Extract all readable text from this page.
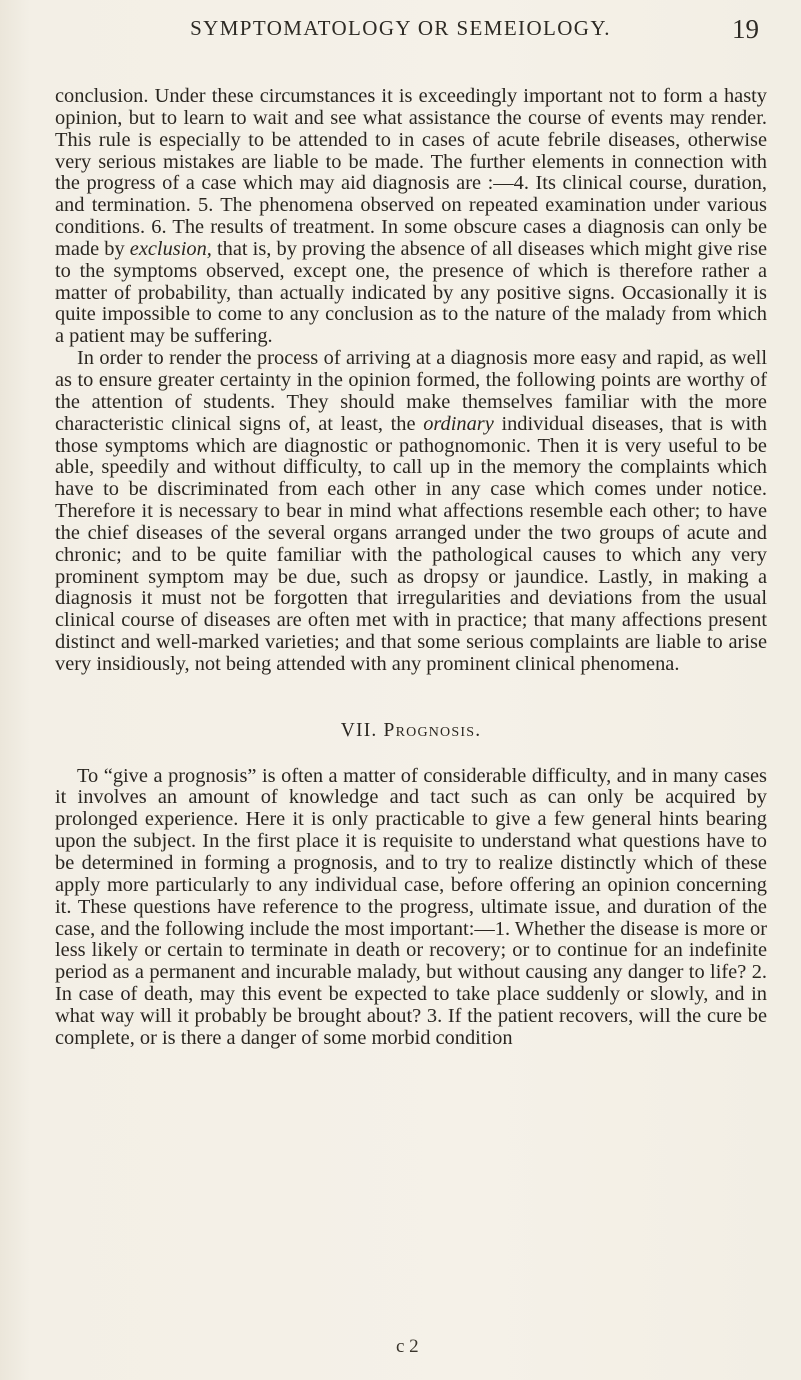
SYMPTOMATOLOGY OR SEMEIOLOGY.	19

conclusion. Under these circumstances it is exceedingly important not to form a hasty opinion, but to learn to wait and see what assistance the course of events may render. This rule is especially to be attended to in cases of acute febrile diseases, otherwise very serious mistakes are liable to be made. The further elements in connection with the progress of a case which may aid diagnosis are :—4. Its clinical course, duration, and termination. 5. The phenomena observed on repeated examination under various conditions. 6. The results of treatment. In some obscure cases a diagnosis can only be made by exclusion, that is, by proving the absence of all diseases which might give rise to the symptoms observed, except one, the presence of which is therefore rather a matter of probability, than actually indicated by any positive signs. Occasionally it is quite impossible to come to any conclusion as to the nature of the malady from which a patient may be suffering.

In order to render the process of arriving at a diagnosis more easy and rapid, as well as to ensure greater certainty in the opinion formed, the following points are worthy of the attention of students. They should make themselves familiar with the more characteristic clinical signs of, at least, the ordinary individual diseases, that is with those symptoms which are diagnostic or pathognomonic. Then it is very useful to be able, speedily and without difficulty, to call up in the memory the complaints which have to be discriminated from each other in any case which comes under notice. Therefore it is necessary to bear in mind what affections resemble each other; to have the chief diseases of the several organs arranged under the two groups of acute and chronic; and to be quite familiar with the pathological causes to which any very prominent symptom may be due, such as dropsy or jaundice. Lastly, in making a diagnosis it must not be forgotten that irregularities and deviations from the usual clinical course of diseases are often met with in practice; that many affections present distinct and well-marked varieties; and that some serious complaints are liable to arise very insidiously, not being attended with any prominent clinical phenomena.

VII. Prognosis.

To “give a prognosis” is often a matter of considerable difficulty, and in many cases it involves an amount of knowledge and tact such as can only be acquired by prolonged experience. Here it is only practicable to give a few general hints bearing upon the subject. In the first place it is requisite to understand what questions have to be determined in forming a prognosis, and to try to realize distinctly which of these apply more particularly to any individual case, before offering an opinion concerning it. These questions have reference to the progress, ultimate issue, and duration of the case, and the following include the most important:—1. Whether the disease is more or less likely or certain to terminate in death or recovery; or to continue for an indefinite period as a permanent and incurable malady, but without causing any danger to life? 2. In case of death, may this event be expected to take place suddenly or slowly, and in what way will it probably be brought about? 3. If the patient recovers, will the cure be complete, or is there a danger of some morbid condition

c 2
